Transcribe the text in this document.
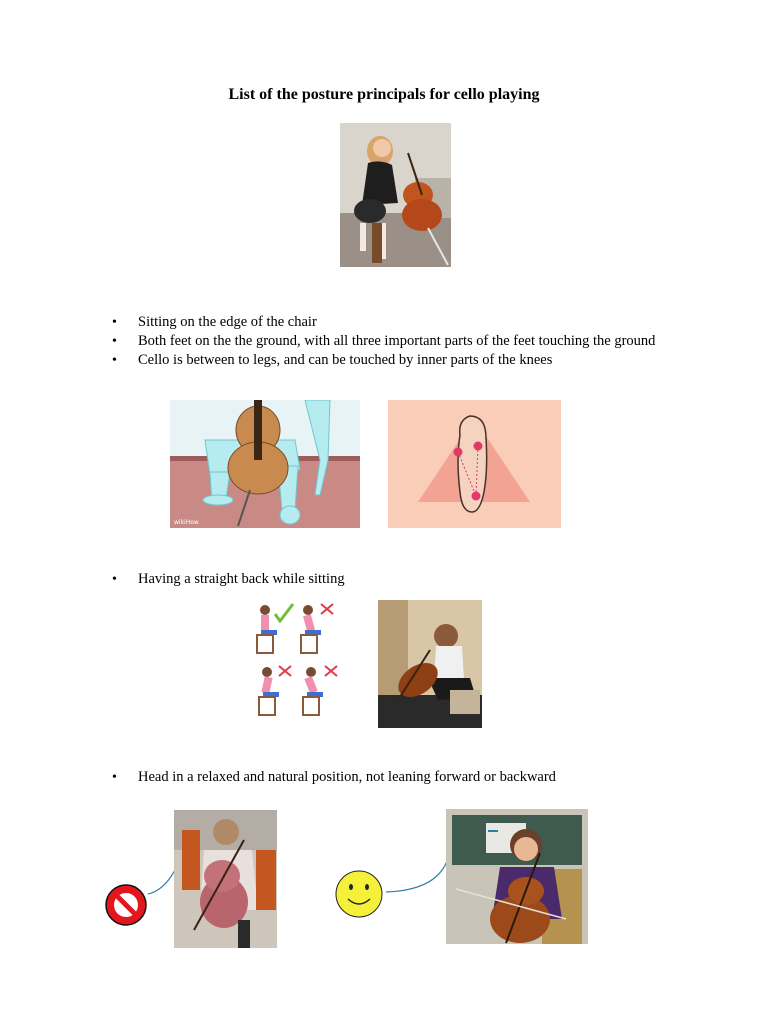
List of the posture principals for cello playing
• Sitting on the edge of the chair
• Both feet on the the ground, with all three important parts of the feet touching the ground
• Cello is between to legs, and can be touched by inner parts of the knees
wikiHow
• Having a straight back while sitting
• Head in a relaxed and natural position, not leaning forward or backward
